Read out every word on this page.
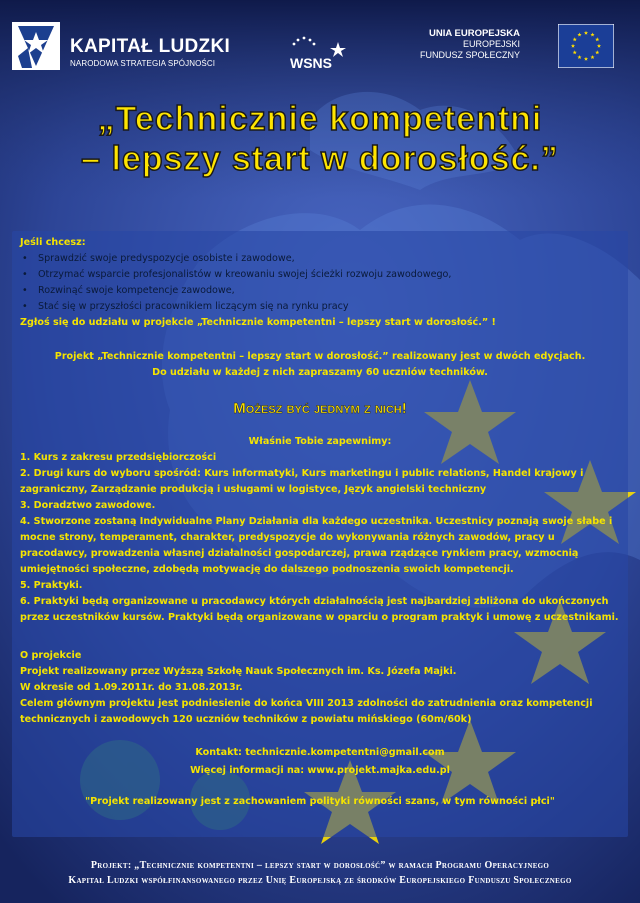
KAPITAŁ LUDZKI
NARODOWA STRATEGIA SPÓJNOŚCI	WSNS
UNIA EUROPEJSKA
EUROPEJSKI
FUNDUSZ SPOŁECZNY
„Technicznie kompetentni
– lepszy start w dorosłość.”
Jeśli chcesz:
• Sprawdzić swoje predyspozycje osobiste i zawodowe,
• Otrzymać wsparcie profesjonalistów w kreowaniu swojej ścieżki rozwoju zawodowego,
• Rozwinąć swoje kompetencje zawodowe,
• Stać się w przyszłości pracownikiem liczącym się na rynku pracy
Zgłoś się do udziału w projekcie „Technicznie kompetentni – lepszy start w dorosłość.” !
Projekt „Technicznie kompetentni – lepszy start w dorosłość.” realizowany jest w dwóch edycjach.
Do udziału w każdej z nich zapraszamy 60 uczniów techników.
Możesz być jednym z nich!
Właśnie Tobie zapewnimy:
1. Kurs z zakresu przedsiębiorczości
2. Drugi kurs do wyboru spośród: Kurs informatyki, Kurs marketingu i public relations, Handel krajowy i
zagraniczny, Zarządzanie produkcją i usługami w logistyce, Język angielski techniczny
3. Doradztwo zawodowe.
4. Stworzone zostaną Indywidualne Plany Działania dla każdego uczestnika. Uczestnicy poznają swoje słabe i
mocne strony, temperament, charakter, predyspozycje do wykonywania różnych zawodów, pracy u
pracodawcy, prowadzenia własnej działalności gospodarczej, prawa rządzące rynkiem pracy, wzmocnią
umiejętności społeczne, zdobędą motywację do dalszego podnoszenia swoich kompetencji.
5. Praktyki.
6. Praktyki będą organizowane u pracodawcy których działalnością jest najbardziej zbliżona do ukończonych
przez uczestników kursów. Praktyki będą organizowane w oparciu o program praktyk i umowę z uczestnikami.
O projekcie
Projekt realizowany przez Wyższą Szkołę Nauk Społecznych im. Ks. Józefa Majki.
W okresie od 1.09.2011r. do 31.08.2013r.
Celem głównym projektu jest podniesienie do końca VIII 2013 zdolności do zatrudnienia oraz kompetencji
technicznych i zawodowych 120 uczniów techników z powiatu mińskiego (60m/60k)
Kontakt: technicznie.kompetentni@gmail.com
Więcej informacji na: www.projekt.majka.edu.pl
"Projekt realizowany jest z zachowaniem polityki równości szans, w tym równości płci"
Projekt: „Technicznie kompetentni – lepszy start w dorosłość” w ramach Programu Operacyjnego
Kapitał Ludzki współfinansowanego przez Unię Europejską ze środków Europejskiego Funduszu Społecznego
